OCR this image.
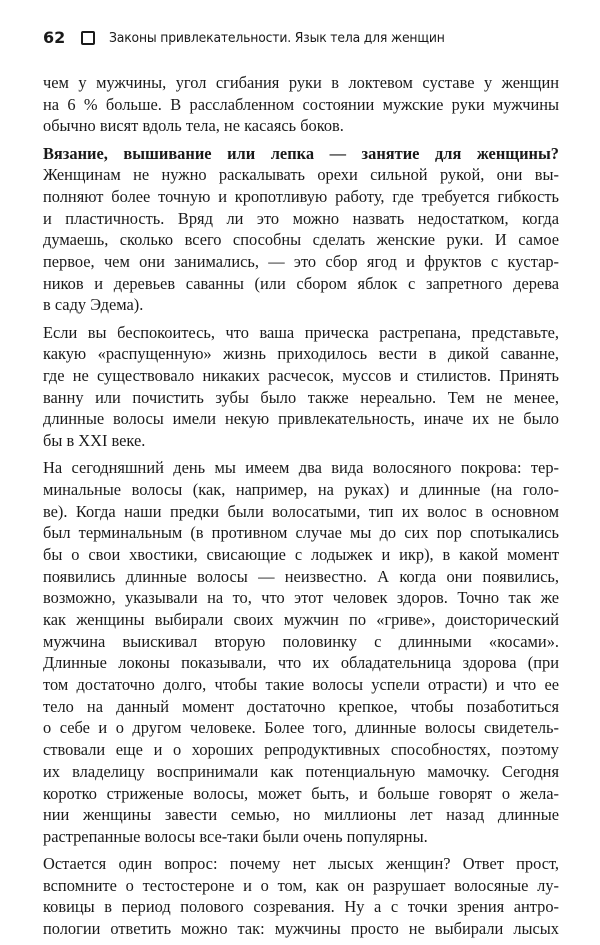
62	Законы привлекательности. Язык тела для женщин
чем у мужчины, угол сгибания руки в локтевом суставе у женщин
на 6 % больше. В расслабленном состоянии мужские руки мужчины
обычно висят вдоль тела, не касаясь боков.
Вязание, вышивание или лепка — занятие для женщины?
Женщинам не нужно раскалывать орехи сильной рукой, они вы-
полняют более точную и кропотливую работу, где требуется гибкость
и пластичность. Вряд ли это можно назвать недостатком, когда
думаешь, сколько всего способны сделать женские руки. И самое
первое, чем они занимались, — это сбор ягод и фруктов с кустар-
ников и деревьев саванны (или сбором яблок с запретного дерева
в саду Эдема).
Если вы беспокоитесь, что ваша прическа растрепана, представьте,
какую «распущенную» жизнь приходилось вести в дикой саванне,
где не существовало никаких расчесок, муссов и стилистов. Принять
ванну или почистить зубы было также нереально. Тем не менее,
длинные волосы имели некую привлекательность, иначе их не было
бы в XXI веке.
На сегодняшний день мы имеем два вида волосяного покрова: тер-
минальные волосы (как, например, на руках) и длинные (на голо-
ве). Когда наши предки были волосатыми, тип их волос в основном
был терминальным (в противном случае мы до сих пор спотыкались
бы о свои хвостики, свисающие с лодыжек и икр), в какой момент
появились длинные волосы — неизвестно. А когда они появились,
возможно, указывали на то, что этот человек здоров. Точно так же
как женщины выбирали своих мужчин по «гриве», доисторический
мужчина выискивал вторую половинку с длинными «косами».
Длинные локоны показывали, что их обладательница здорова (при
том достаточно долго, чтобы такие волосы успели отрасти) и что ее
тело на данный момент достаточно крепкое, чтобы позаботиться
о себе и о другом человеке. Более того, длинные волосы свидетель-
ствовали еще и о хороших репродуктивных способностях, поэтому
их владелицу воспринимали как потенциальную мамочку. Сегодня
коротко стриженые волосы, может быть, и больше говорят о жела-
нии женщины завести семью, но миллионы лет назад длинные
растрепанные волосы все-таки были очень популярны.
Остается один вопрос: почему нет лысых женщин? Ответ прост,
вспомните о тестостероне и о том, как он разрушает волосяные лу-
ковицы в период полового созревания. Ну а с точки зрения антро-
пологии ответить можно так: мужчины просто не выбирали лысых
